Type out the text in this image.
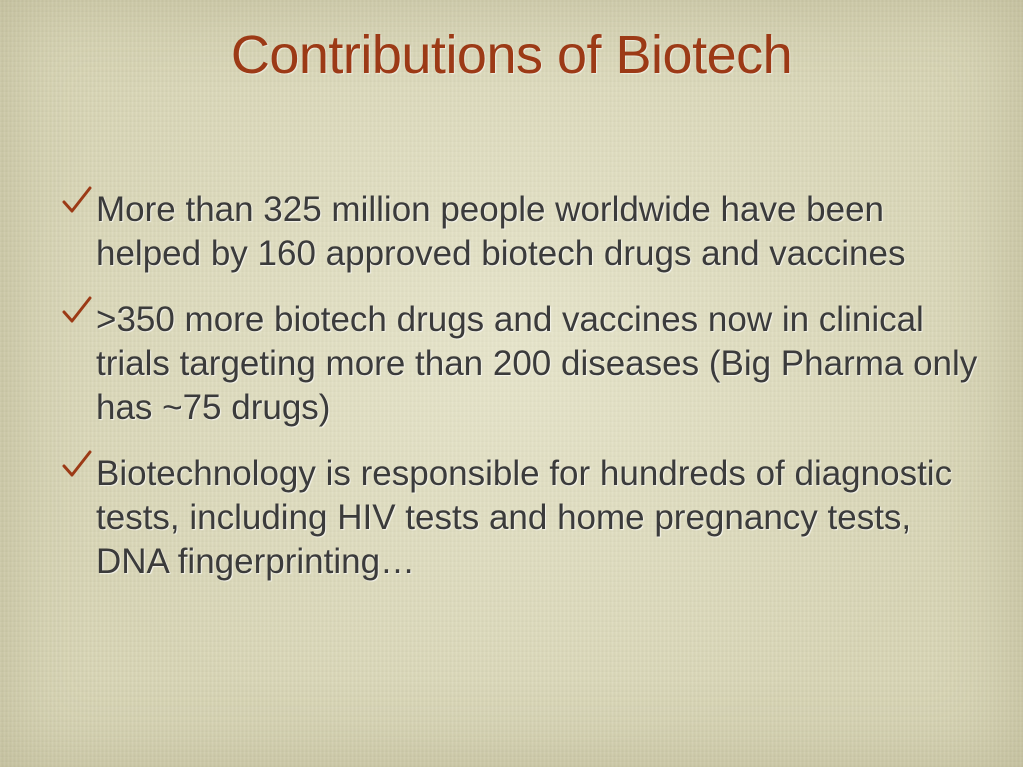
Contributions of Biotech
More than 325 million people worldwide have been helped by 160 approved biotech drugs and vaccines
>350 more biotech drugs and vaccines now in clinical trials targeting more than 200 diseases (Big Pharma only has ~75 drugs)
Biotechnology is responsible for hundreds of diagnostic tests, including HIV tests and home pregnancy tests, DNA fingerprinting…
